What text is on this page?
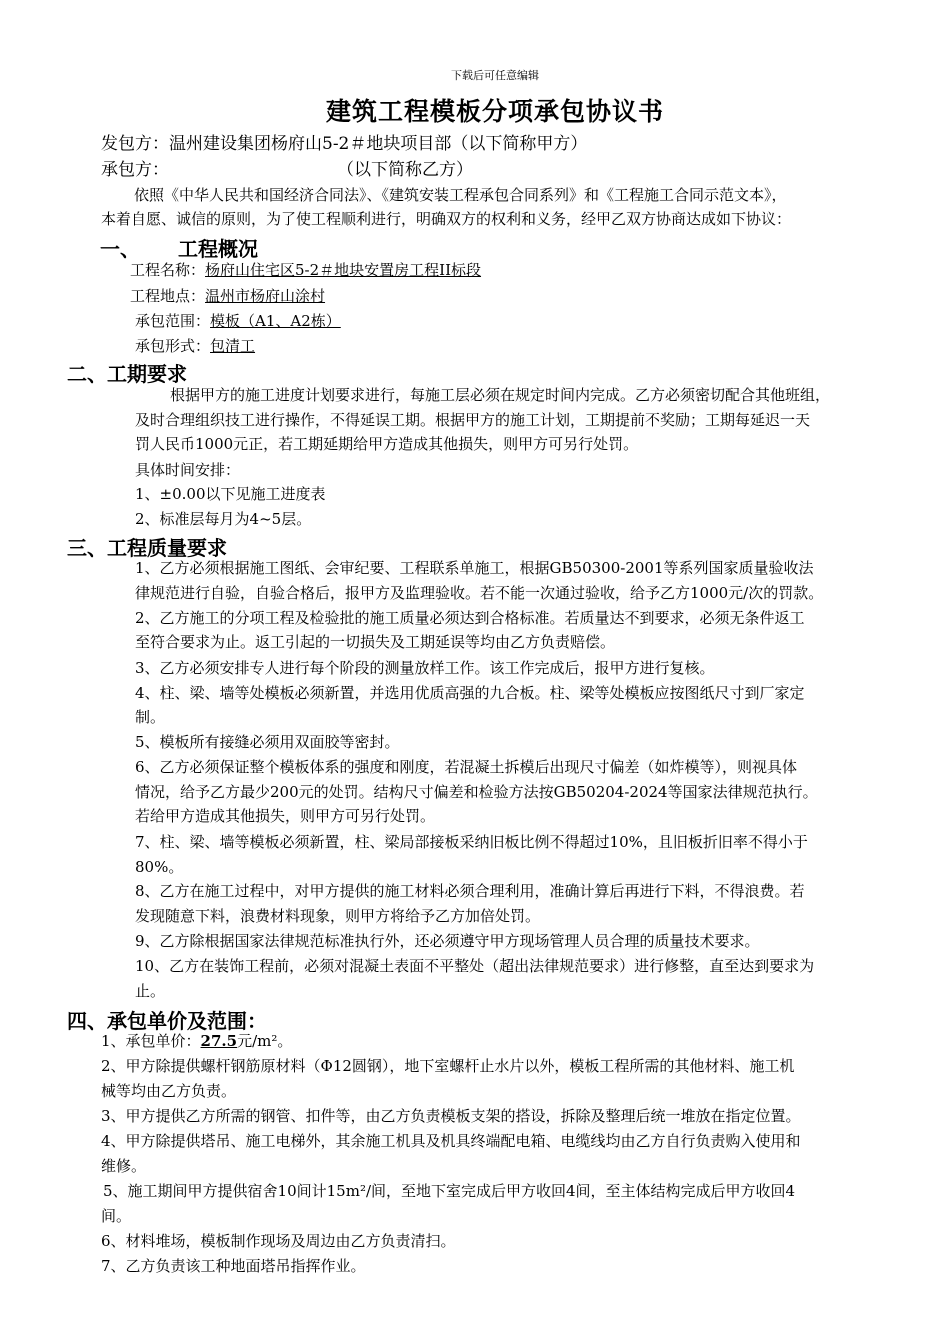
下载后可任意编辑
建筑工程模板分项承包协议书
发包方：温州建设集团杨府山5-2＃地块项目部（以下简称甲方）
承包方：	（以下简称乙方）
依照《中华人民共和国经济合同法》、《建筑安装工程承包合同系列》和《工程施工合同示范文本》，
本着自愿、诚信的原则，为了使工程顺利进行，明确双方的权利和义务，经甲乙双方协商达成如下协议：
一、 工程概况
工程名称：杨府山住宅区5-2＃地块安置房工程II标段
工程地点：温州市杨府山涂村
承包范围：模板（A1、A2栋）
承包形式：包清工
二、工期要求
根据甲方的施工进度计划要求进行，每施工层必须在规定时间内完成。乙方必须密切配合其他班组，
及时合理组织技工进行操作，不得延误工期。根据甲方的施工计划，工期提前不奖励；工期每延迟一天
罚人民币1000元正，若工期延期给甲方造成其他损失，则甲方可另行处罚。
具体时间安排：
1、±0.00以下见施工进度表
2、标准层每月为4~5层。
三、工程质量要求
1、乙方必须根据施工图纸、会审纪要、工程联系单施工，根据GB50300-2001等系列国家质量验收法
律规范进行自验，自验合格后，报甲方及监理验收。若不能一次通过验收，给予乙方1000元/次的罚款。
2、乙方施工的分项工程及检验批的施工质量必须达到合格标准。若质量达不到要求，必须无条件返工
至符合要求为止。返工引起的一切损失及工期延误等均由乙方负责赔偿。
3、乙方必须安排专人进行每个阶段的测量放样工作。该工作完成后，报甲方进行复核。
4、柱、梁、墙等处模板必须新置，并选用优质高强的九合板。柱、梁等处模板应按图纸尺寸到厂家定
制。
5、模板所有接缝必须用双面胶等密封。
6、乙方必须保证整个模板体系的强度和刚度，若混凝土拆模后出现尺寸偏差（如炸模等），则视具体
情况，给予乙方最少200元的处罚。结构尺寸偏差和检验方法按GB50204-2024等国家法律规范执行。
若给甲方造成其他损失，则甲方可另行处罚。
7、柱、梁、墙等模板必须新置，柱、梁局部接板采纳旧板比例不得超过10%，且旧板折旧率不得小于
80%。
8、乙方在施工过程中，对甲方提供的施工材料必须合理利用，准确计算后再进行下料，不得浪费。若
发现随意下料，浪费材料现象，则甲方将给予乙方加倍处罚。
9、乙方除根据国家法律规范标准执行外，还必须遵守甲方现场管理人员合理的质量技术要求。
10、乙方在装饰工程前，必须对混凝土表面不平整处（超出法律规范要求）进行修整，直至达到要求为
止。
四、承包单价及范围：
1、承包单价：27.5元/m²。
2、甲方除提供螺杆钢筋原材料（Φ12圆钢），地下室螺杆止水片以外，模板工程所需的其他材料、施工机
械等均由乙方负责。
3、甲方提供乙方所需的钢管、扣件等，由乙方负责模板支架的搭设，拆除及整理后统一堆放在指定位置。
4、甲方除提供塔吊、施工电梯外，其余施工机具及机具终端配电箱、电缆线均由乙方自行负责购入使用和
维修。
5、施工期间甲方提供宿舍10间计15m²/间，至地下室完成后甲方收回4间，至主体结构完成后甲方收回4
间。
6、材料堆场，模板制作现场及周边由乙方负责清扫。
7、乙方负责该工种地面塔吊指挥作业。
